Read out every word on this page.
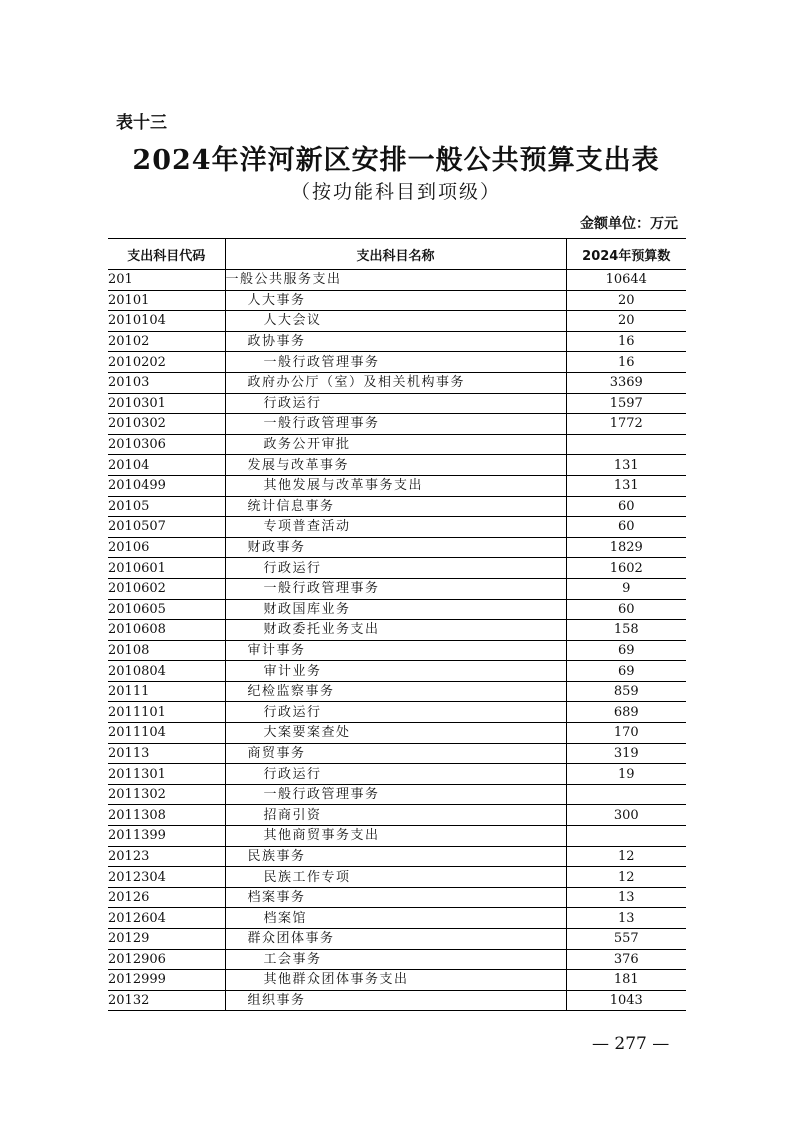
表十三
2024年洋河新区安排一般公共预算支出表
（按功能科目到项级）
金额单位：万元
支出科目代码	支出科目名称	2024年预算数
201	一般公共服务支出	10644
20101	人大事务	20
2010104	人大会议	20
20102	政协事务	16
2010202	一般行政管理事务	16
20103	政府办公厅（室）及相关机构事务	3369
2010301	行政运行	1597
2010302	一般行政管理事务	1772
2010306	政务公开审批	
20104	发展与改革事务	131
2010499	其他发展与改革事务支出	131
20105	统计信息事务	60
2010507	专项普查活动	60
20106	财政事务	1829
2010601	行政运行	1602
2010602	一般行政管理事务	9
2010605	财政国库业务	60
2010608	财政委托业务支出	158
20108	审计事务	69
2010804	审计业务	69
20111	纪检监察事务	859
2011101	行政运行	689
2011104	大案要案查处	170
20113	商贸事务	319
2011301	行政运行	19
2011302	一般行政管理事务	
2011308	招商引资	300
2011399	其他商贸事务支出	
20123	民族事务	12
2012304	民族工作专项	12
20126	档案事务	13
2012604	档案馆	13
20129	群众团体事务	557
2012906	工会事务	376
2012999	其他群众团体事务支出	181
20132	组织事务	1043
— 277 —
